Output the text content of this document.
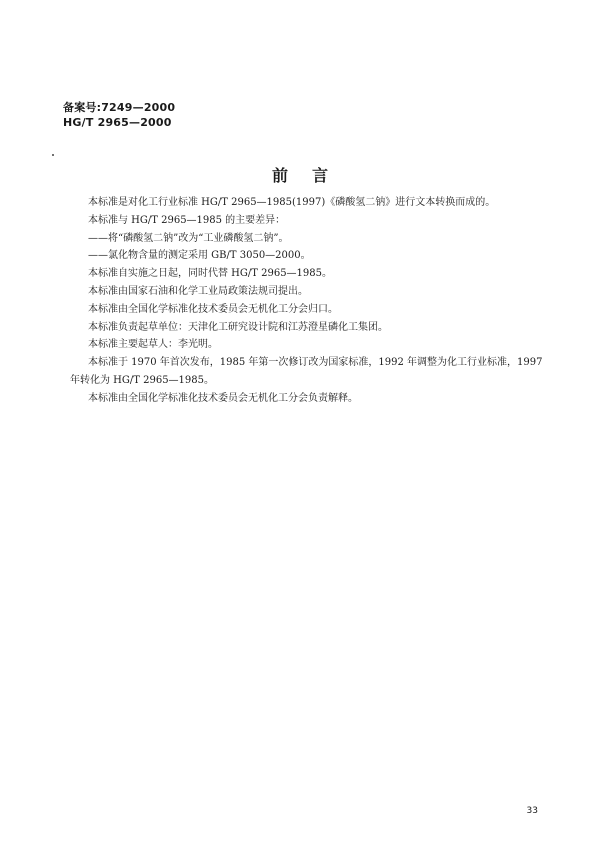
备案号:7249—2000
HG/T 2965—2000
前言

本标准是对化工行业标准 HG/T 2965—1985(1997)《磷酸氢二钠》进行文本转换而成的。

本标准与 HG/T 2965—1985 的主要差异：

——将“磷酸氢二钠”改为“工业磷酸氢二钠”。

——氯化物含量的测定采用 GB/T 3050—2000。

本标准自实施之日起，同时代替 HG/T 2965—1985。

本标准由国家石油和化学工业局政策法规司提出。

本标准由全国化学标准化技术委员会无机化工分会归口。

本标准负责起草单位：天津化工研究设计院和江苏澄星磷化工集团。

本标准主要起草人：李光明。

本标准于 1970 年首次发布，1985 年第一次修订改为国家标准，1992 年调整为化工行业标准，1997
年转化为 HG/T 2965—1985。

本标准由全国化学标准化技术委员会无机化工分会负责解释。

33
